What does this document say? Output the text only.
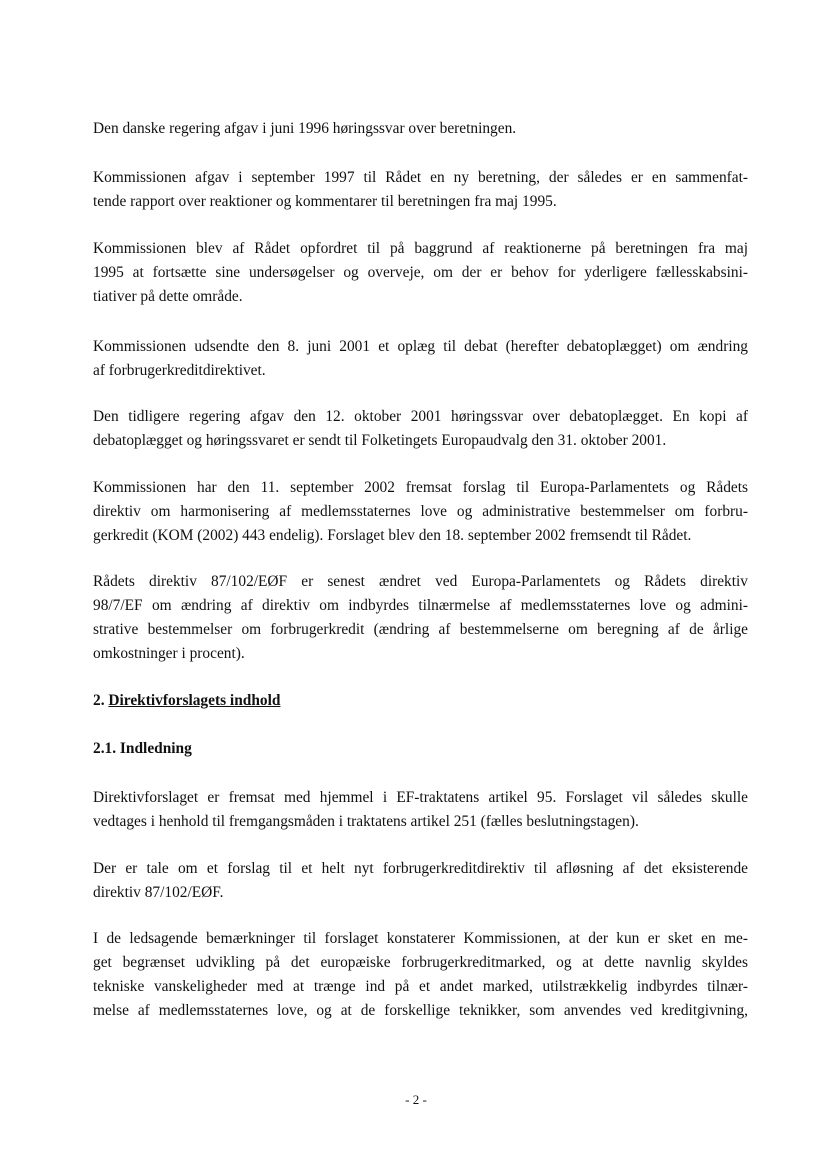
Den danske regering afgav i juni 1996 høringssvar over beretningen.

Kommissionen afgav i september 1997 til Rådet en ny beretning, der således er en sammenfat-
tende rapport over reaktioner og kommentarer til beretningen fra maj 1995.

Kommissionen blev af Rådet opfordret til på baggrund af reaktionerne på beretningen fra maj
1995 at fortsætte sine undersøgelser og overveje, om der er behov for yderligere fællesskabsini-
tiativer på dette område.

Kommissionen udsendte den 8. juni 2001 et oplæg til debat (herefter debatoplægget) om ændring
af forbrugerkreditdirektivet.

Den tidligere regering afgav den 12. oktober 2001 høringssvar over debatoplægget. En kopi af
debatoplægget og høringssvaret er sendt til Folketingets Europaudvalg den 31. oktober 2001.

Kommissionen har den 11. september 2002 fremsat forslag til Europa-Parlamentets og Rådets
direktiv om harmonisering af medlemsstaternes love og administrative bestemmelser om forbru-
gerkredit (KOM (2002) 443 endelig). Forslaget blev den 18. september 2002 fremsendt til Rådet.

Rådets direktiv 87/102/EØF er senest ændret ved Europa-Parlamentets og Rådets direktiv
98/7/EF om ændring af direktiv om indbyrdes tilnærmelse af medlemsstaternes love og admini-
strative bestemmelser om forbrugerkredit (ændring af bestemmelserne om beregning af de årlige
omkostninger i procent).

2. Direktivforslagets indhold

2.1. Indledning

Direktivforslaget er fremsat med hjemmel i EF-traktatens artikel 95. Forslaget vil således skulle
vedtages i henhold til fremgangsmåden i traktatens artikel 251 (fælles beslutningstagen).

Der er tale om et forslag til et helt nyt forbrugerkreditdirektiv til afløsning af det eksisterende
direktiv 87/102/EØF.

I de ledsagende bemærkninger til forslaget konstaterer Kommissionen, at der kun er sket en me-
get begrænset udvikling på det europæiske forbrugerkreditmarked, og at dette navnlig skyldes
tekniske vanskeligheder med at trænge ind på et andet marked, utilstrækkelig indbyrdes tilnær-
melse af medlemsstaternes love, og at de forskellige teknikker, som anvendes ved kreditgivning,

- 2 -
